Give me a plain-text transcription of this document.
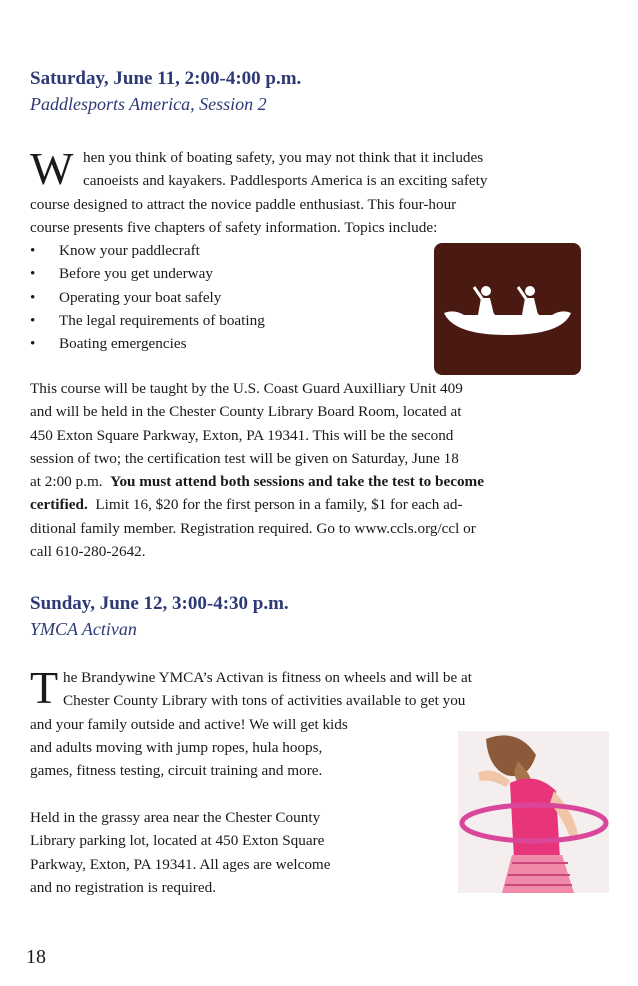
Saturday, June 11, 2:00-4:00 p.m.
Paddlesports America, Session 2
W hen you think of boating safety, you may not think that it includes
canoeists and kayakers. Paddlesports America is an exciting safety
course designed to attract the novice paddle enthusiast. This four-hour
course presents five chapters of safety information. Topics include:
• Know your paddlecraft
• Before you get underway
• Operating your boat safely
• The legal requirements of boating
• Boating emergencies
This course will be taught by the U.S. Coast Guard Auxilliary Unit 409
and will be held in the Chester County Library Board Room, located at
450 Exton Square Parkway, Exton, PA 19341. This will be the second
session of two; the certification test will be given on Saturday, June 18
at 2:00 p.m. You must attend both sessions and take the test to become
certified. Limit 16, $20 for the first person in a family, $1 for each ad-
ditional family member. Registration required. Go to www.ccls.org/ccl or
call 610-280-2642.
Sunday, June 12, 3:00-4:30 p.m.
YMCA Activan
T he Brandywine YMCA’s Activan is fitness on wheels and will be at
Chester County Library with tons of activities available to get you
and your family outside and active! We will get kids
and adults moving with jump ropes, hula hoops,
games, fitness testing, circuit training and more.
Held in the grassy area near the Chester County
Library parking lot, located at 450 Exton Square
Parkway, Exton, PA 19341. All ages are welcome
and no registration is required.
18
